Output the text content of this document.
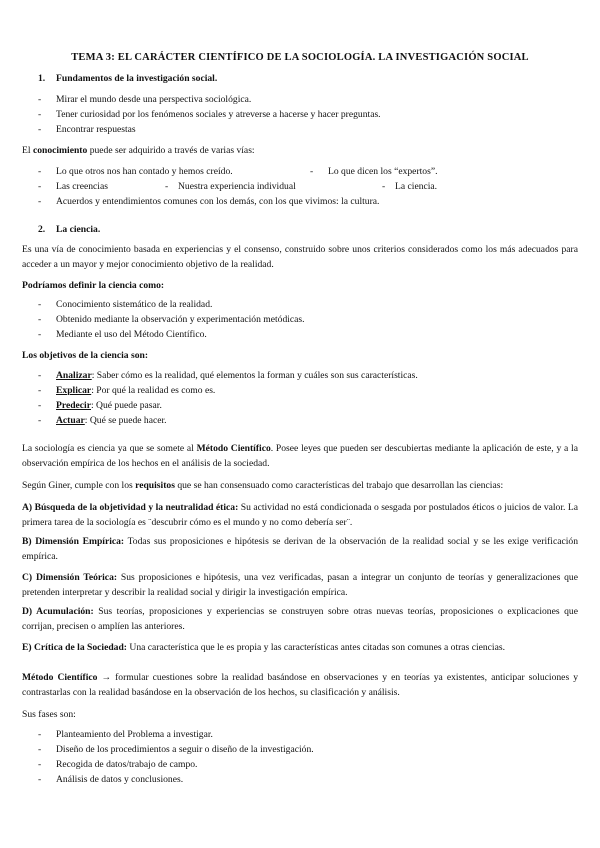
TEMA 3: EL CARÁCTER CIENTÍFICO DE LA SOCIOLOGÍA. LA INVESTIGACIÓN SOCIAL
1. Fundamentos de la investigación social.
- Mirar el mundo desde una perspectiva sociológica.
- Tener curiosidad por los fenómenos sociales y atreverse a hacerse y hacer preguntas.
- Encontrar respuestas
El conocimiento puede ser adquirido a través de varias vías:
- Lo que otros nos han contado y hemos creído.	- Lo que dicen los “expertos”.
- Las creencias	- Nuestra experiencia individual	- La ciencia.
- Acuerdos y entendimientos comunes con los demás, con los que vivimos: la cultura.
2. La ciencia.
Es una vía de conocimiento basada en experiencias y el consenso, construido sobre unos criterios considerados como los más adecuados para acceder a un mayor y mejor conocimiento objetivo de la realidad.
Podríamos definir la ciencia como:
- Conocimiento sistemático de la realidad.
- Obtenido mediante la observación y experimentación metódicas.
- Mediante el uso del Método Científico.
Los objetivos de la ciencia son:
- Analizar: Saber cómo es la realidad, qué elementos la forman y cuáles son sus características.
- Explicar: Por qué la realidad es como es.
- Predecir: Qué puede pasar.
- Actuar: Qué se puede hacer.
La sociología es ciencia ya que se somete al Método Científico. Posee leyes que pueden ser descubiertas mediante la aplicación de este, y a la observación empírica de los hechos en el análisis de la sociedad.
Según Giner, cumple con los requisitos que se han consensuado como características del trabajo que desarrollan las ciencias:
A) Búsqueda de la objetividad y la neutralidad ética: Su actividad no está condicionada o sesgada por postulados éticos o juicios de valor. La primera tarea de la sociología es ¨descubrir cómo es el mundo y no como debería ser¨.
B) Dimensión Empírica: Todas sus proposiciones e hipótesis se derivan de la observación de la realidad social y se les exige verificación empírica.
C) Dimensión Teórica: Sus proposiciones e hipótesis, una vez verificadas, pasan a integrar un conjunto de teorías y generalizaciones que pretenden interpretar y describir la realidad social y dirigir la investigación empírica.
D) Acumulación: Sus teorías, proposiciones y experiencias se construyen sobre otras nuevas teorías, proposiciones o explicaciones que corrijan, precisen o amplíen las anteriores.
E) Crítica de la Sociedad: Una característica que le es propia y las características antes citadas son comunes a otras ciencias.
Método Científico → formular cuestiones sobre la realidad basándose en observaciones y en teorías ya existentes, anticipar soluciones y contrastarlas con la realidad basándose en la observación de los hechos, su clasificación y análisis.
Sus fases son:
- Planteamiento del Problema a investigar.
- Diseño de los procedimientos a seguir o diseño de la investigación.
- Recogida de datos/trabajo de campo.
- Análisis de datos y conclusiones.
